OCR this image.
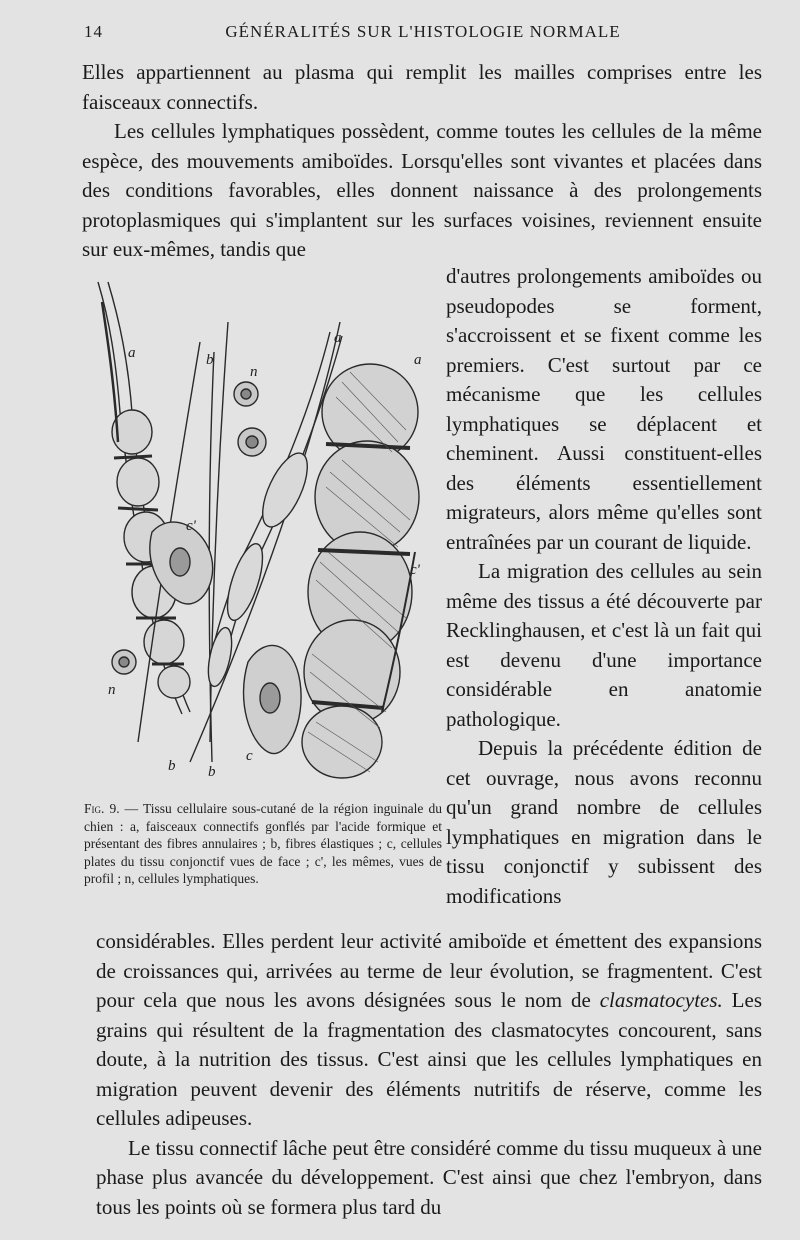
14	GÉNÉRALITÉS SUR L'HISTOLOGIE NORMALE

Elles appartiennent au plasma qui remplit les mailles comprises entre les faisceaux connectifs.

Les cellules lymphatiques possèdent, comme toutes les cellules de la même espèce, des mouvements amiboïdes. Lorsqu'elles sont vivantes et placées dans des conditions favorables, elles donnent naissance à des prolongements protoplasmiques qui s'implantent sur les surfaces voisines, reviennent ensuite sur eux-mêmes, tandis que

a
a
a
n
b
c'
c'
n
b b
c
Fig. 9. — Tissu cellulaire sous-cutané de la région inguinale du chien : a, faisceaux connectifs gonflés par l'acide formique et présentant des fibres annulaires ; b, fibres élastiques ; c, cellules plates du tissu conjonctif vues de face ; c', les mêmes, vues de profil ; n, cellules lymphatiques.

d'autres prolongements amiboïdes ou pseudopodes se forment, s'accroissent et se fixent comme les premiers. C'est surtout par ce mécanisme que les cellules lymphatiques se déplacent et cheminent. Aussi constituent-elles des éléments essentiellement migrateurs, alors même qu'elles sont entraînées par un courant de liquide.

La migration des cellules au sein même des tissus a été découverte par Recklinghausen, et c'est là un fait qui est devenu d'une importance considérable en anatomie pathologique.

Depuis la précédente édition de cet ouvrage, nous avons reconnu qu'un grand nombre de cellules lymphatiques en migration dans le tissu conjonctif y subissent des modifications

considérables. Elles perdent leur activité amiboïde et émettent des expansions de croissances qui, arrivées au terme de leur évolution, se fragmentent. C'est pour cela que nous les avons désignées sous le nom de clasmatocytes. Les grains qui résultent de la fragmentation des clasmatocytes concourent, sans doute, à la nutrition des tissus. C'est ainsi que les cellules lymphatiques en migration peuvent devenir des éléments nutritifs de réserve, comme les cellules adipeuses.

Le tissu connectif lâche peut être considéré comme du tissu muqueux à une phase plus avancée du développement. C'est ainsi que chez l'embryon, dans tous les points où se formera plus tard du
